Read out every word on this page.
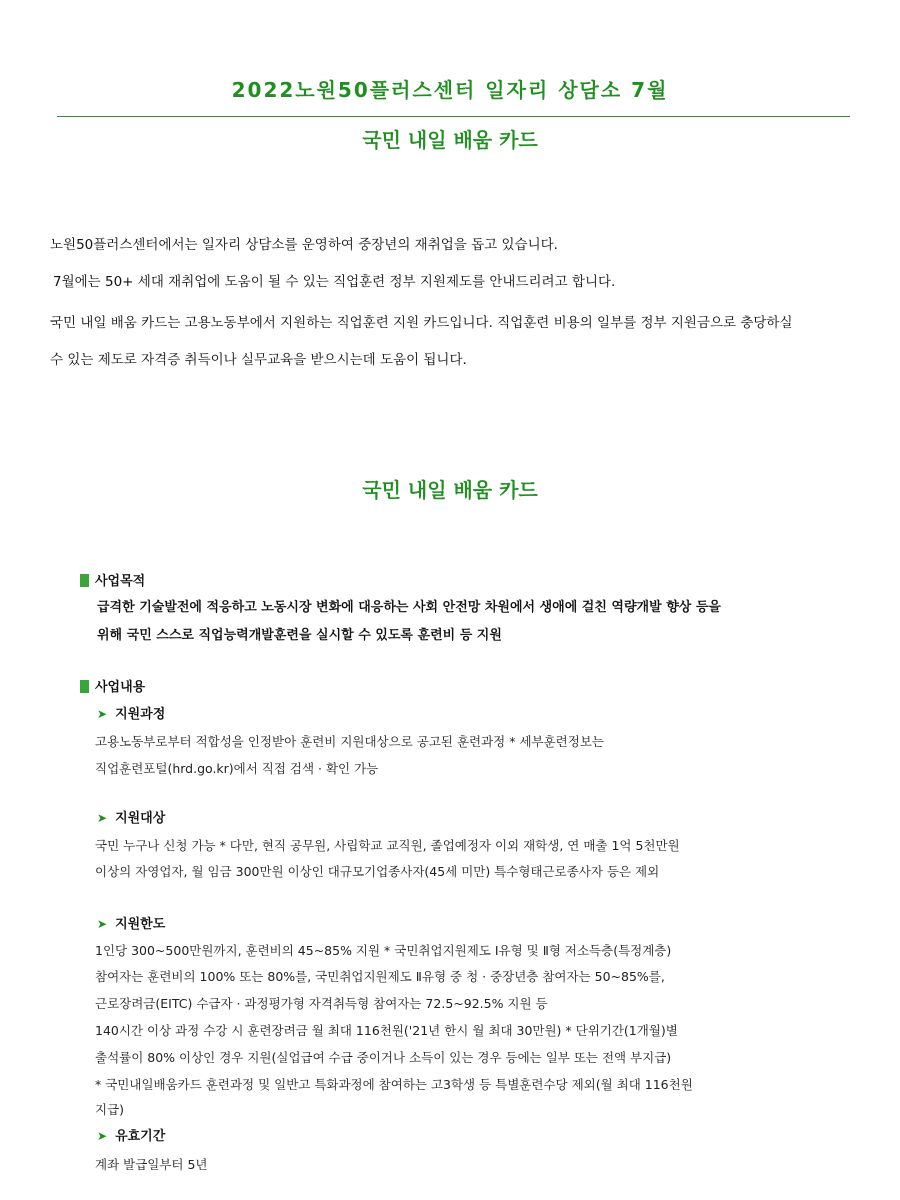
2022노원50플러스센터 일자리 상담소 7월
국민 내일 배움 카드
노원50플러스센터에서는 일자리 상담소를 운영하여 중장년의 재취업을 돕고 있습니다.
7월에는 50+ 세대 재취업에 도움이 될 수 있는 직업훈련 정부 지원제도를 안내드리려고 합니다.
국민 내일 배움 카드는 고용노동부에서 지원하는 직업훈련 지원 카드입니다. 직업훈련 비용의 일부를 정부 지원금으로 충당하실
수 있는 제도로 자격증 취득이나 실무교육을 받으시는데 도움이 됩니다.
국민 내일 배움 카드
사업목적
급격한 기술발전에 적응하고 노동시장 변화에 대응하는 사회 안전망 차원에서 생애에 걸친 역량개발 향상 등을
위해 국민 스스로 직업능력개발훈련을 실시할 수 있도록 훈련비 등 지원
사업내용
➤ 지원과정
고용노동부로부터 적합성을 인정받아 훈련비 지원대상으로 공고된 훈련과정 * 세부훈련정보는
직업훈련포털(hrd.go.kr)에서 직접 검색 · 확인 가능
➤ 지원대상
국민 누구나 신청 가능 * 다만, 현직 공무원, 사립학교 교직원, 졸업예정자 이외 재학생, 연 매출 1억 5천만원
이상의 자영업자, 월 임금 300만원 이상인 대규모기업종사자(45세 미만) 특수형태근로종사자 등은 제외
➤ 지원한도
1인당 300~500만원까지, 훈련비의 45~85% 지원 * 국민취업지원제도 Ⅰ유형 및 Ⅱ형 저소득층(특정계층)
참여자는 훈련비의 100% 또는 80%를, 국민취업지원제도 Ⅱ유형 중 청 · 중장년층 참여자는 50~85%를,
근로장려금(EITC) 수급자 · 과정평가형 자격취득형 참여자는 72.5~92.5% 지원 등
140시간 이상 과정 수강 시 훈련장려금 월 최대 116천원('21년 한시 월 최대 30만원) * 단위기간(1개월)별
출석률이 80% 이상인 경우 지원(실업급여 수급 중이거나 소득이 있는 경우 등에는 일부 또는 전액 부지급)
* 국민내일배움카드 훈련과정 및 일반고 특화과정에 참여하는 고3학생 등 특별훈련수당 제외(월 최대 116천원
지급)
➤ 유효기간
계좌 발급일부터 5년
